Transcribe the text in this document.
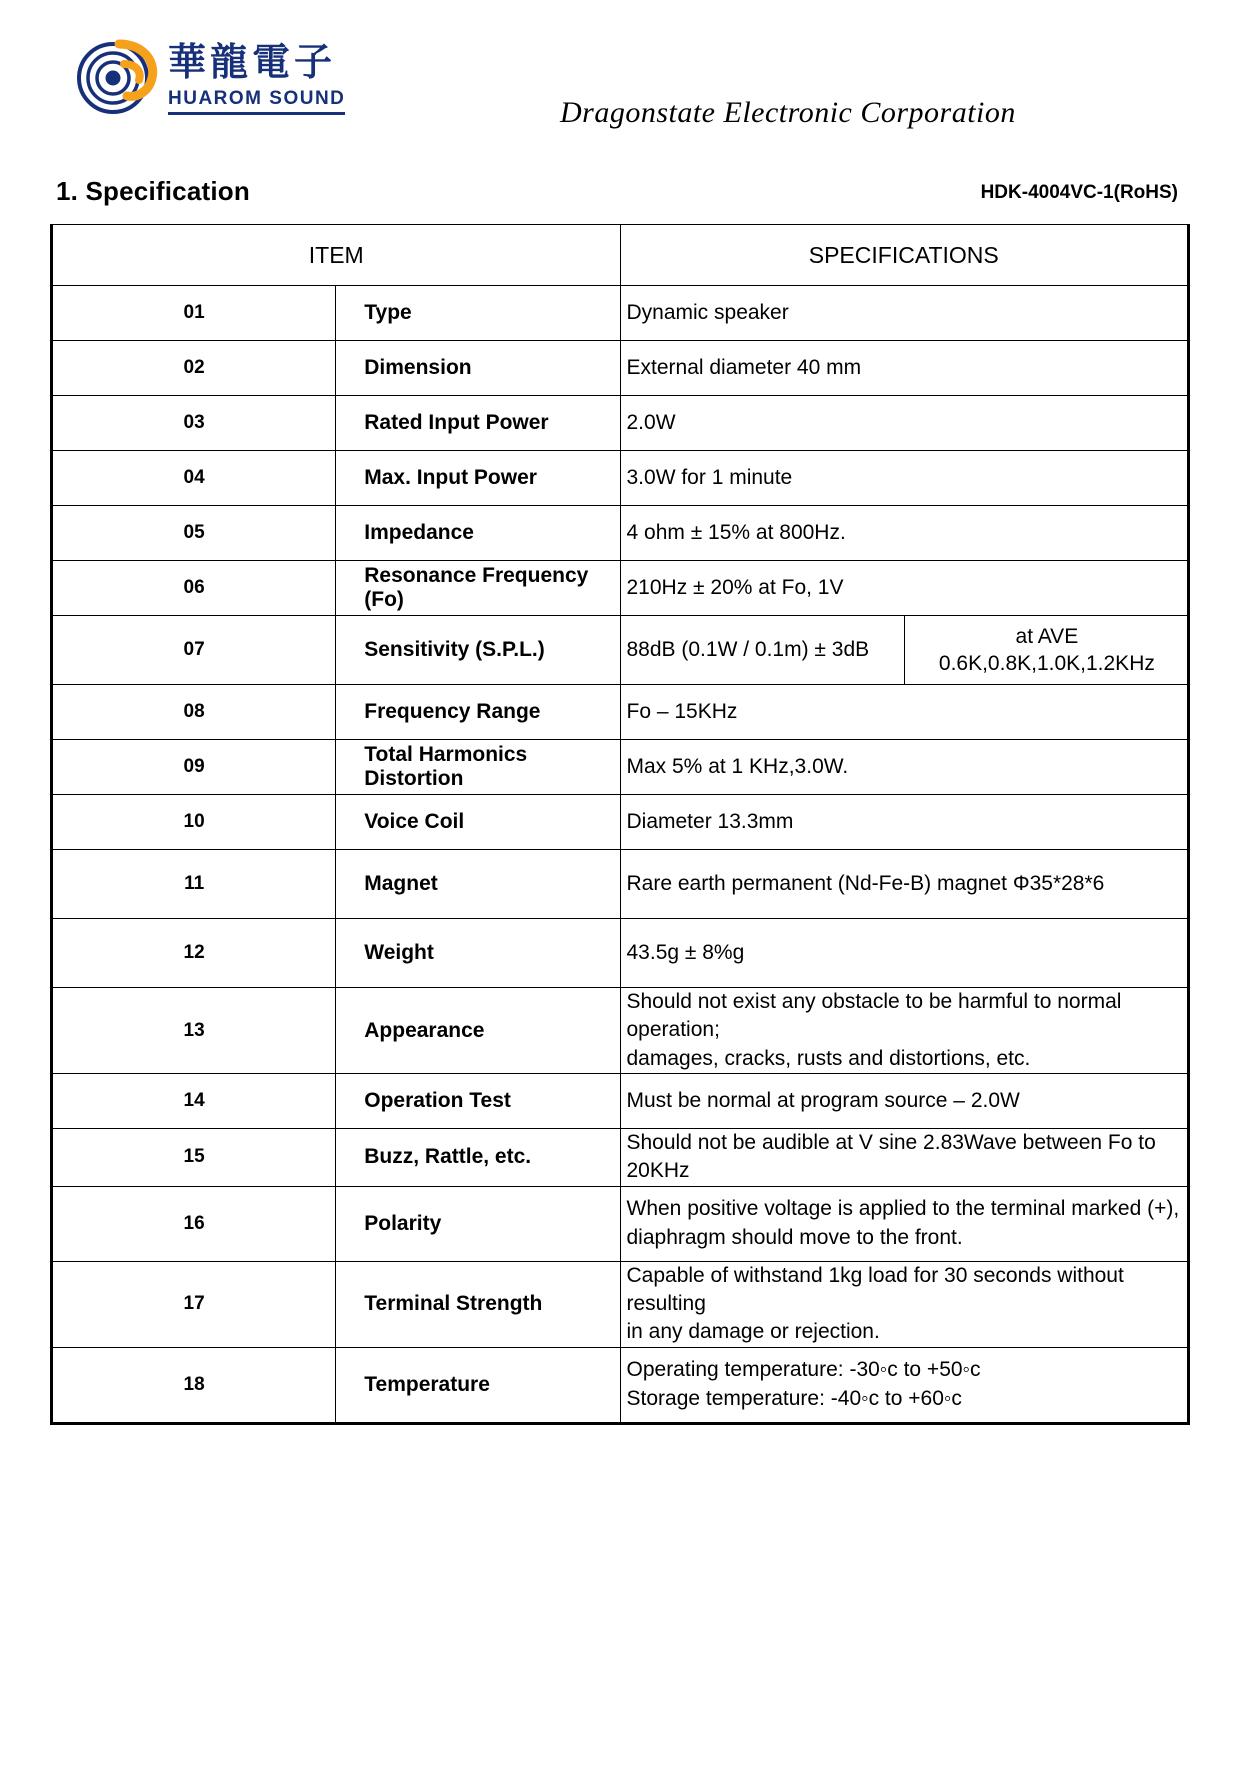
華龍電子
HUAROM SOUND	Dragonstate Electronic Corporation
1. Specification	HDK-4004VC-1(RoHS)
ITEM		SPECIFICATIONS	
01	Type	Dynamic speaker	
02	Dimension	External diameter 40 mm	
03	Rated Input Power	2.0W	
04	Max. Input Power	3.0W for 1 minute	
05	Impedance	4 ohm ± 15% at 800Hz.	
06	Resonance Frequency (Fo)	210Hz ± 20% at Fo, 1V	
07	Sensitivity (S.P.L.)	88dB (0.1W / 0.1m) ± 3dB	at AVE
0.6K,0.8K,1.0K,1.2KHz

08	Frequency Range	Fo – 15KHz	
09	Total Harmonics Distortion	Max 5% at 1 KHz,3.0W.	
10	Voice Coil	Diameter 13.3mm	
11	Magnet	Rare earth permanent (Nd-Fe-B) magnet Φ35*28*6	
12	Weight	43.5g ± 8%g	
13	Appearance	Should not exist any obstacle to be harmful to normal operation;
damages, cracks, rusts and distortions, etc.	

14	Operation Test	Must be normal at program source – 2.0W	
15	Buzz, Rattle, etc.	Should not be audible at V sine 2.83Wave between Fo to 20KHz	
16	Polarity	When positive voltage is applied to the terminal marked (+),
diaphragm should move to the front.	

17	Terminal Strength	Capable of withstand 1kg load for 30 seconds without resulting
in any damage or rejection.	

18	Temperature	Operating temperature: -30◦c to +50◦c
Storage temperature: -40◦c to +60◦c	
